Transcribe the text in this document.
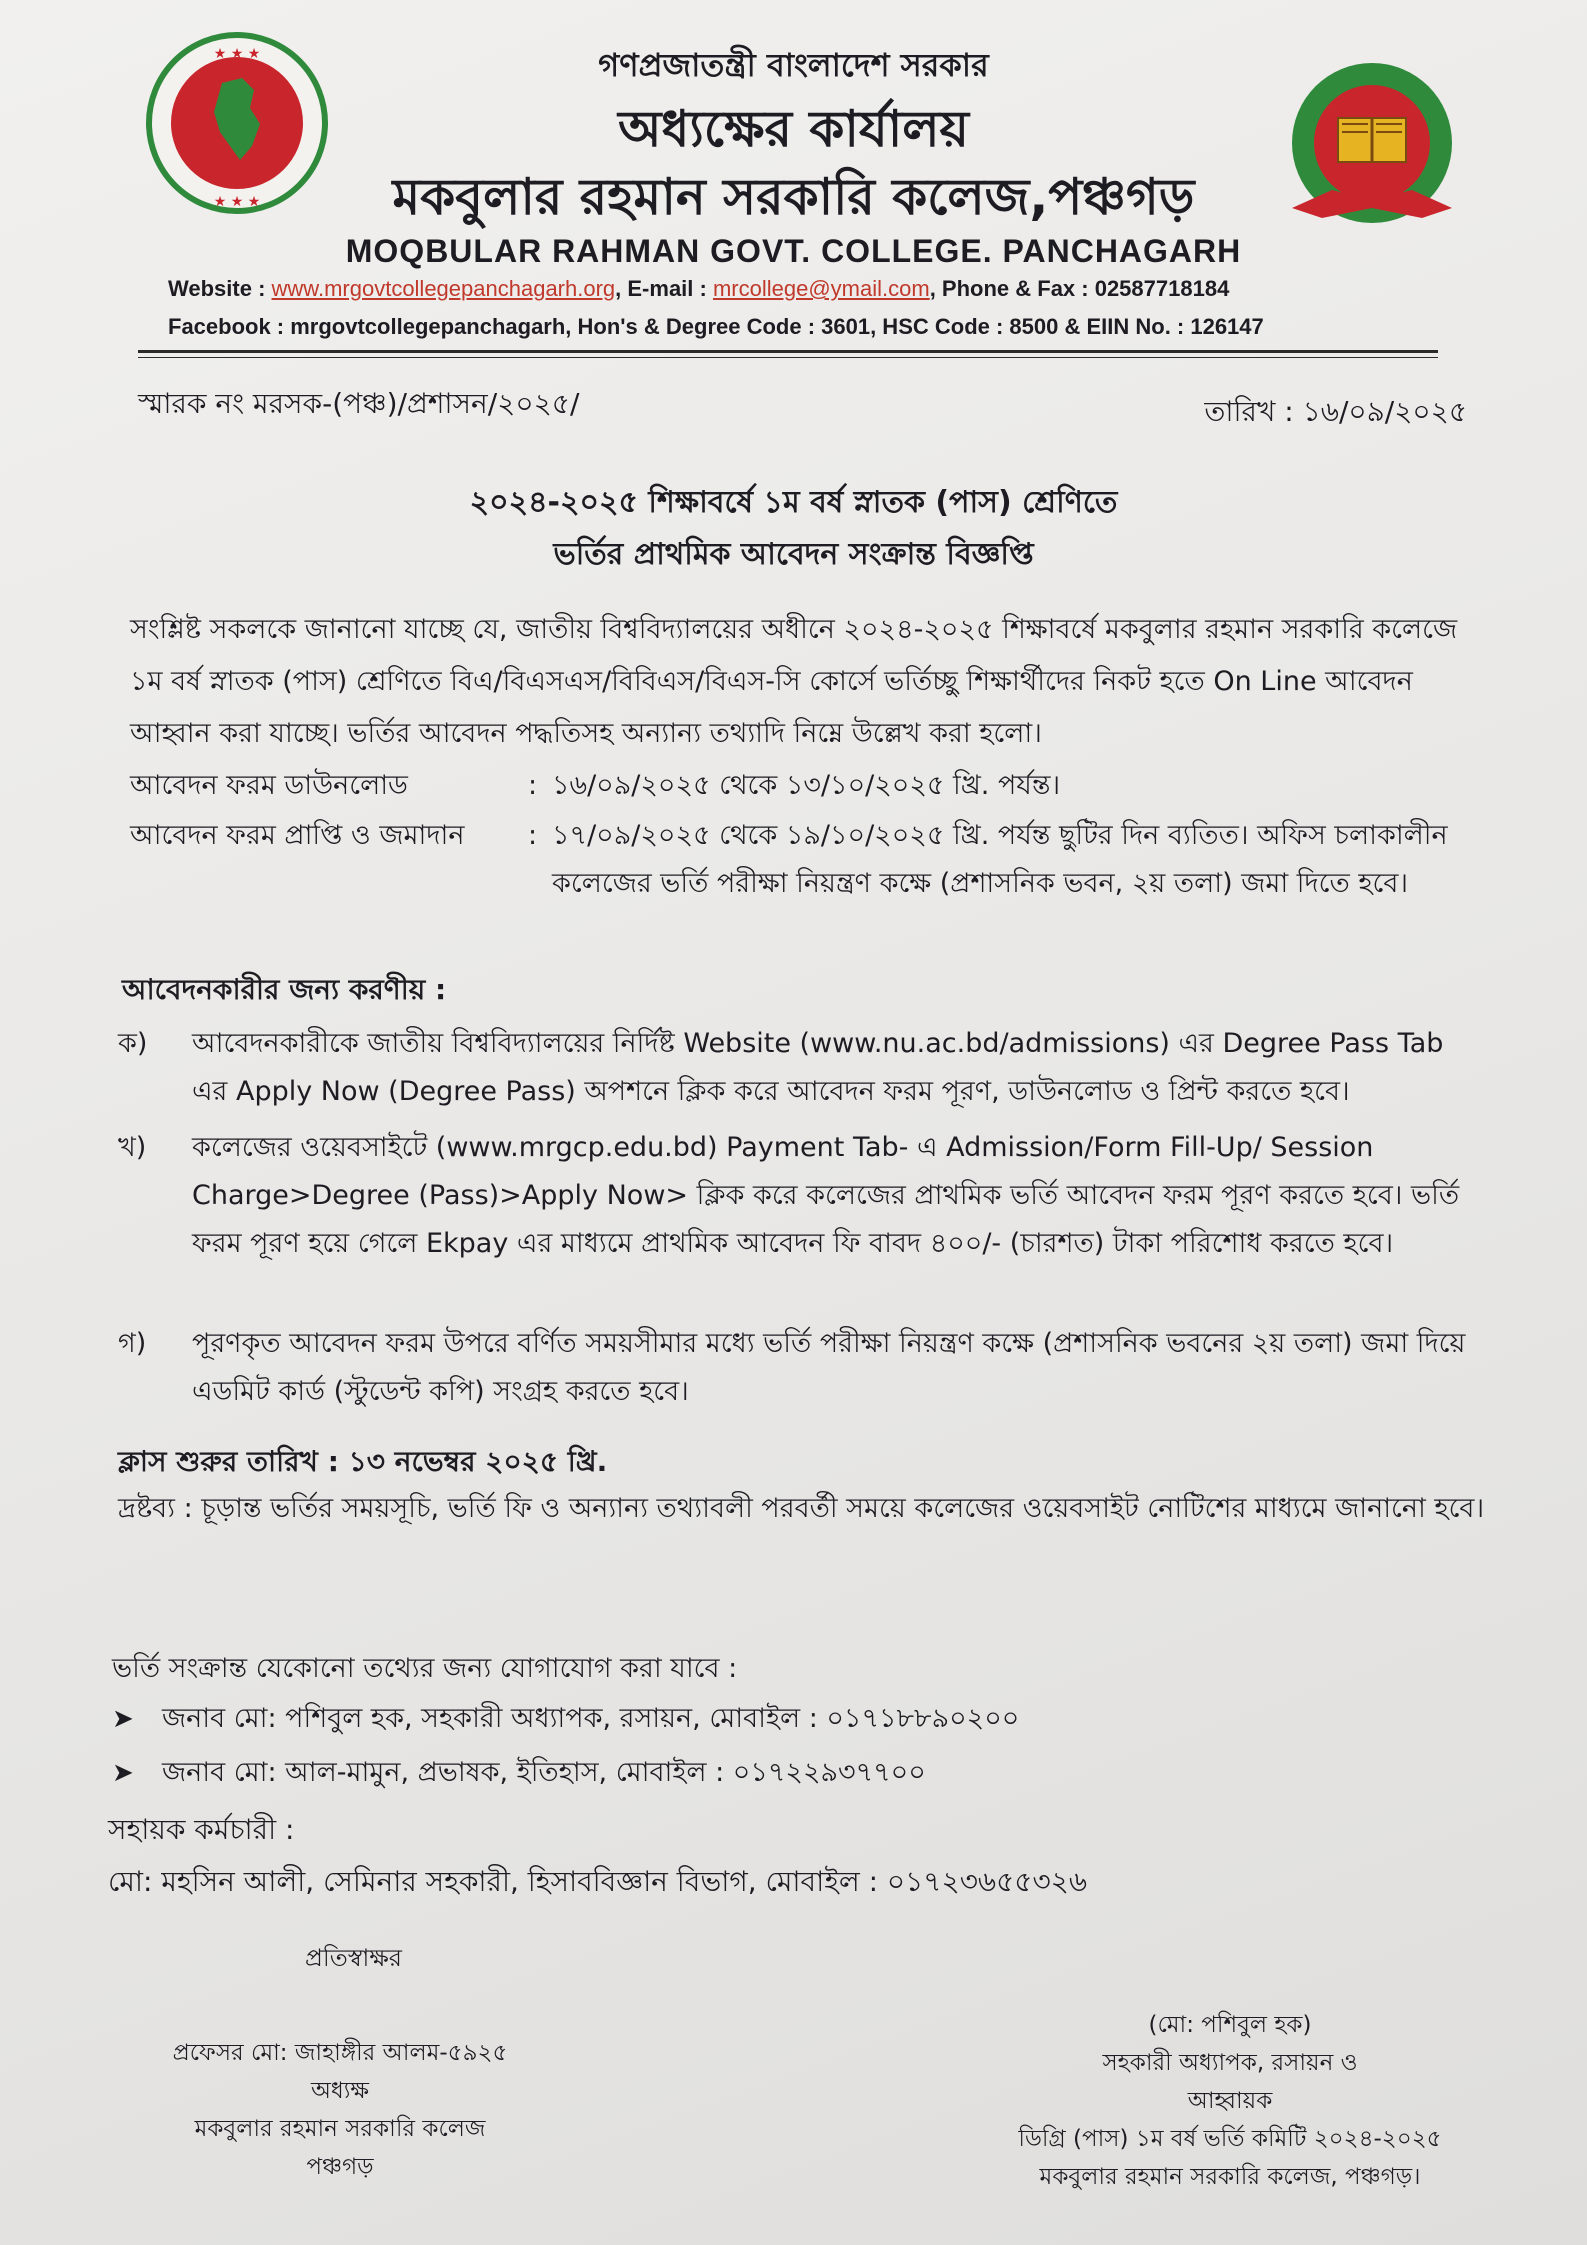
★ ★ ★
★ ★ ★
গণপ্রজাতন্ত্রী বাংলাদেশ সরকার
অধ্যক্ষের কার্যালয়
মকবুলার রহমান সরকারি কলেজ,পঞ্চগড়
MOQBULAR RAHMAN GOVT. COLLEGE. PANCHAGARH
Website : www.mrgovtcollegepanchagarh.org, E-mail : mrcollege@ymail.com, Phone & Fax : 02587718184
Facebook : mrgovtcollegepanchagarh, Hon's & Degree Code : 3601, HSC Code : 8500 & EIIN No. : 126147
স্মারক নং মরসক-(পঞ্চ)/প্রশাসন/২০২৫/	তারিখ : ১৬/০৯/২০২৫
২০২৪-২০২৫ শিক্ষাবর্ষে ১ম বর্ষ স্নাতক (পাস) শ্রেণিতে
ভর্তির প্রাথমিক আবেদন সংক্রান্ত বিজ্ঞপ্তি
সংশ্লিষ্ট সকলকে জানানো যাচ্ছে যে, জাতীয় বিশ্ববিদ্যালয়ের অধীনে ২০২৪-২০২৫ শিক্ষাবর্ষে মকবুলার রহমান সরকারি কলেজে ১ম বর্ষ স্নাতক (পাস) শ্রেণিতে বিএ/বিএসএস/বিবিএস/বিএস-সি কোর্সে ভর্তিচ্ছু শিক্ষার্থীদের নিকট হতে On Line আবেদন আহ্বান করা যাচ্ছে। ভর্তির আবেদন পদ্ধতিসহ অন্যান্য তথ্যাদি নিম্নে উল্লেখ করা হলো।
আবেদন ফরম ডাউনলোড	: ১৬/০৯/২০২৫ থেকে ১৩/১০/২০২৫ খ্রি. পর্যন্ত।
আবেদন ফরম প্রাপ্তি ও জমাদান	: ১৭/০৯/২০২৫ থেকে ১৯/১০/২০২৫ খ্রি. পর্যন্ত ছুটির দিন ব্যতিত। অফিস চলাকালীন কলেজের ভর্তি পরীক্ষা নিয়ন্ত্রণ কক্ষে (প্রশাসনিক ভবন, ২য় তলা) জমা দিতে হবে।
আবেদনকারীর জন্য করণীয় :
ক)	আবেদনকারীকে জাতীয় বিশ্ববিদ্যালয়ের নির্দিষ্ট Website (www.nu.ac.bd/admissions) এর Degree Pass Tab এর Apply Now (Degree Pass) অপশনে ক্লিক করে আবেদন ফরম পূরণ, ডাউনলোড ও প্রিন্ট করতে হবে।
খ)	কলেজের ওয়েবসাইটে (www.mrgcp.edu.bd) Payment Tab- এ Admission/Form Fill-Up/ Session Charge>Degree (Pass)>Apply Now> ক্লিক করে কলেজের প্রাথমিক ভর্তি আবেদন ফরম পূরণ করতে হবে। ভর্তি ফরম পূরণ হয়ে গেলে Ekpay এর মাধ্যমে প্রাথমিক আবেদন ফি বাবদ ৪০০/- (চারশত) টাকা পরিশোধ করতে হবে।
গ)	পূরণকৃত আবেদন ফরম উপরে বর্ণিত সময়সীমার মধ্যে ভর্তি পরীক্ষা নিয়ন্ত্রণ কক্ষে (প্রশাসনিক ভবনের ২য় তলা) জমা দিয়ে এডমিট কার্ড (স্টুডেন্ট কপি) সংগ্রহ করতে হবে।
ক্লাস শুরুর তারিখ : ১৩ নভেম্বর ২০২৫ খ্রি.
দ্রষ্টব্য : চূড়ান্ত ভর্তির সময়সূচি, ভর্তি ফি ও অন্যান্য তথ্যাবলী পরবর্তী সময়ে কলেজের ওয়েবসাইট নোটিশের মাধ্যমে জানানো হবে।
ভর্তি সংক্রান্ত যেকোনো তথ্যের জন্য যোগাযোগ করা যাবে :
➤ জনাব মো: পশিবুল হক, সহকারী অধ্যাপক, রসায়ন, মোবাইল : ০১৭১৮৮৯০২০০
➤ জনাব মো: আল-মামুন, প্রভাষক, ইতিহাস, মোবাইল : ০১৭২২৯৩৭৭০০
সহায়ক কর্মচারী :
মো: মহসিন আলী, সেমিনার সহকারী, হিসাববিজ্ঞান বিভাগ, মোবাইল : ০১৭২৩৬৫৫৩২৬
প্রতিস্বাক্ষর
প্রফেসর মো: জাহাঙ্গীর আলম-৫৯২৫
অধ্যক্ষ
মকবুলার রহমান সরকারি কলেজ
পঞ্চগড়
(মো: পশিবুল হক)
সহকারী অধ্যাপক, রসায়ন ও
আহ্বায়ক
ডিগ্রি (পাস) ১ম বর্ষ ভর্তি কমিটি ২০২৪-২০২৫
মকবুলার রহমান সরকারি কলেজ, পঞ্চগড়।
